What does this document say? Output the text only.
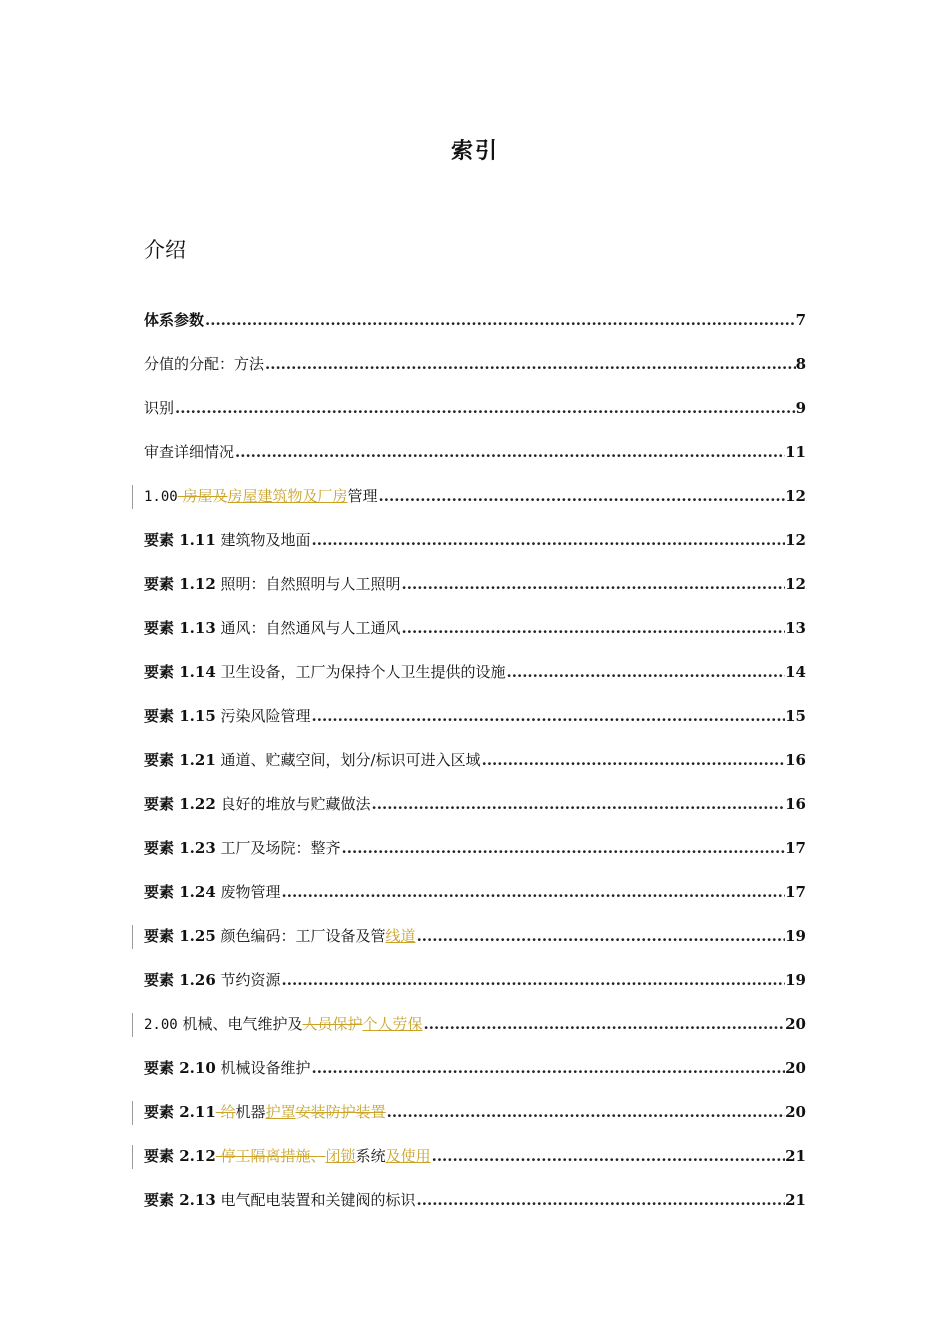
索引
介绍
体系参数 .....	7
分值的分配：方法 .....	8
识别 .....	9
审查详细情况 .....	11
1.00 房屋及房屋建筑物及厂房管理 .....	12
要素 1.11 建筑物及地面 .....	12
要素 1.12 照明：自然照明与人工照明 .....	12
要素 1.13 通风：自然通风与人工通风 .....	13
要素 1.14 卫生设备，工厂为保持个人卫生提供的设施 .....	14
要素 1.15 污染风险管理 .....	15
要素 1.21 通道、贮藏空间，划分/标识可进入区域 .....	16
要素 1.22 良好的堆放与贮藏做法 .....	16
要素 1.23 工厂及场院：整齐 .....	17
要素 1.24 废物管理 .....	17
要素 1.25 颜色编码：工厂设备及管线道 .....	19
要素 1.26 节约资源 .....	19
2.00 机械、电气维护及人员保护个人劳保 .....	20
要素 2.10 机械设备维护 .....	20
要素 2.11 给机器护罩安装防护装置 .....	20
要素 2.12 停工隔离措施、闭锁系统及使用 .....	21
要素 2.13 电气配电装置和关键阀的标识 .....	21
